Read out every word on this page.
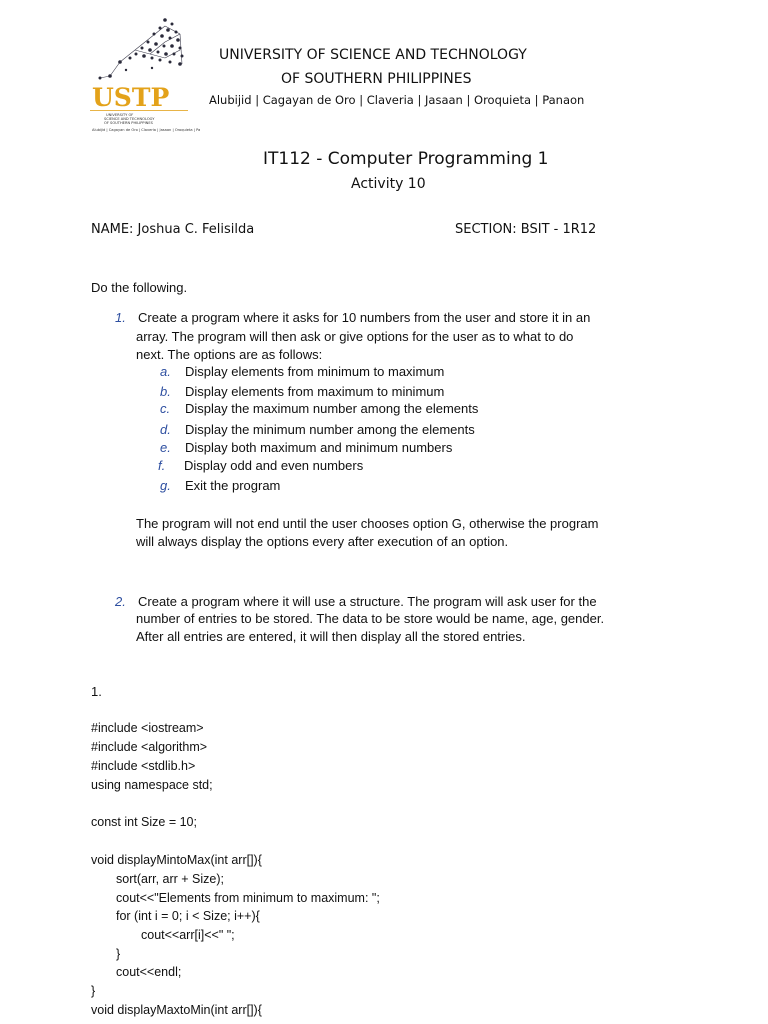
USTP
UNIVERSITY OF
SCIENCE AND TECHNOLOGY
OF SOUTHERN PHILIPPINES
Alubijid | Cagayan de Oro | Claveria | Jasaan | Oroquieta | Panaon
UNIVERSITY OF SCIENCE AND TECHNOLOGY
OF SOUTHERN PHILIPPINES
Alubijid | Cagayan de Oro | Claveria | Jasaan | Oroquieta | Panaon
IT112 - Computer Programming 1
Activity 10
NAME: Joshua C. Felisilda	SECTION: BSIT - 1R12
Do the following.
1. Create a program where it asks for 10 numbers from the user and store it in an
array. The program will then ask or give options for the user as to what to do
next. The options are as follows:
a. Display elements from minimum to maximum
b. Display elements from maximum to minimum
c. Display the maximum number among the elements
d. Display the minimum number among the elements
e. Display both maximum and minimum numbers
f. Display odd and even numbers
g. Exit the program
The program will not end until the user chooses option G, otherwise the program
will always display the options every after execution of an option.
2. Create a program where it will use a structure. The program will ask user for the
number of entries to be stored. The data to be store would be name, age, gender.
After all entries are entered, it will then display all the stored entries.
1.
#include <iostream>
#include <algorithm>
#include <stdlib.h>
using namespace std;
const int Size = 10;
void displayMintoMax(int arr[]){
sort(arr, arr + Size);
cout<<"Elements from minimum to maximum: ";
for (int i = 0; i < Size; i++){
cout<<arr[i]<<" ";
}
cout<<endl;
}
void displayMaxtoMin(int arr[]){
